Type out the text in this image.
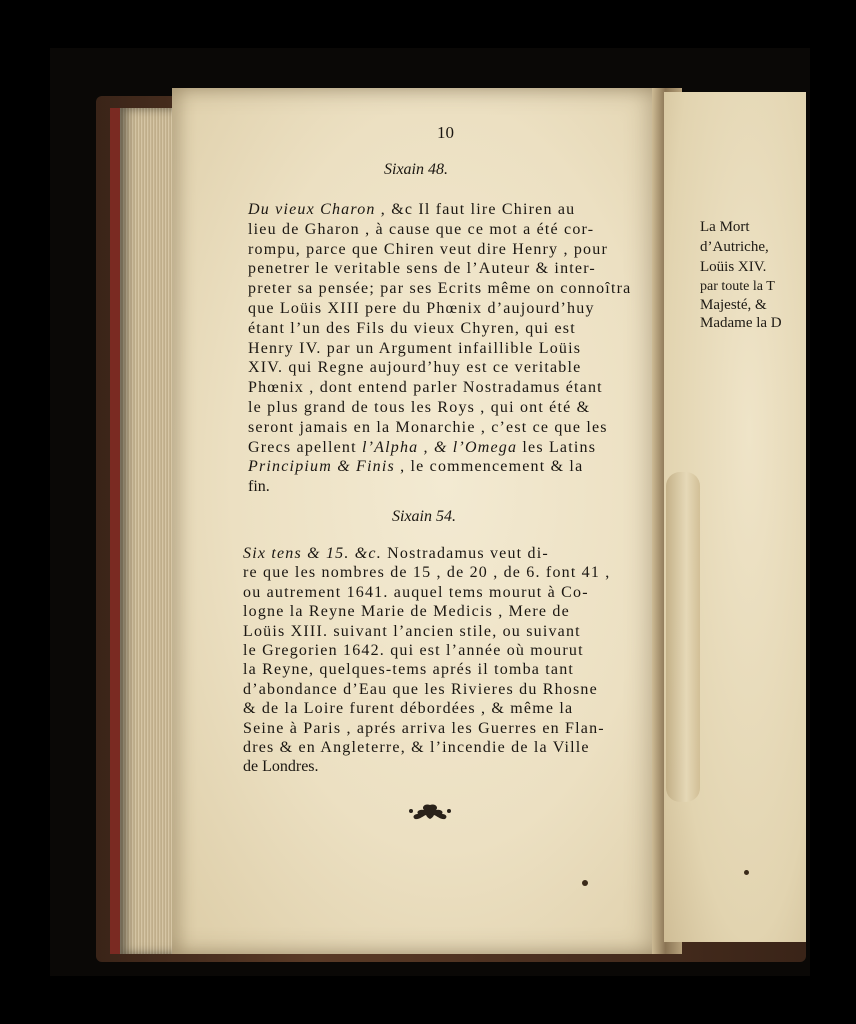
La Mort
d’Autriche,
Loüis XIV.
par toute la T
Majesté, &
Madame la D
10
Sixain 48.
Du vieux Charon , &c Il faut lire Chiren au
lieu de Gharon , à cause que ce mot a été cor-
rompu, parce que Chiren veut dire Henry , pour
penetrer le veritable sens de l’Auteur & inter-
preter sa pensée; par ses Ecrits même on connoîtra
que Loüis XIII pere du Phœnix d’aujourd’huy
étant l’un des Fils du vieux Chyren, qui est
Henry IV. par un Argument infaillible Loüis
XIV. qui Regne aujourd’huy est ce veritable
Phœnix , dont entend parler Nostradamus étant
le plus grand de tous les Roys , qui ont été &
seront jamais en la Monarchie , c’est ce que les
Grecs apellent l’Alpha , & l’Omega les Latins
Principium & Finis , le commencement & la
fin.
Sixain 54.
Six tens & 15. &c. Nostradamus veut di-
re que les nombres de 15 , de 20 , de 6. font 41 ,
ou autrement 1641. auquel tems mourut à Co-
logne la Reyne Marie de Medicis , Mere de
Loüis XIII. suivant l’ancien stile, ou suivant
le Gregorien 1642. qui est l’année où mourut
la Reyne, quelques-tems aprés il tomba tant
d’abondance d’Eau que les Rivieres du Rhosne
& de la Loire furent débordées , & même la
Seine à Paris , aprés arriva les Guerres en Flan-
dres & en Angleterre, & l’incendie de la Ville
de Londres.
